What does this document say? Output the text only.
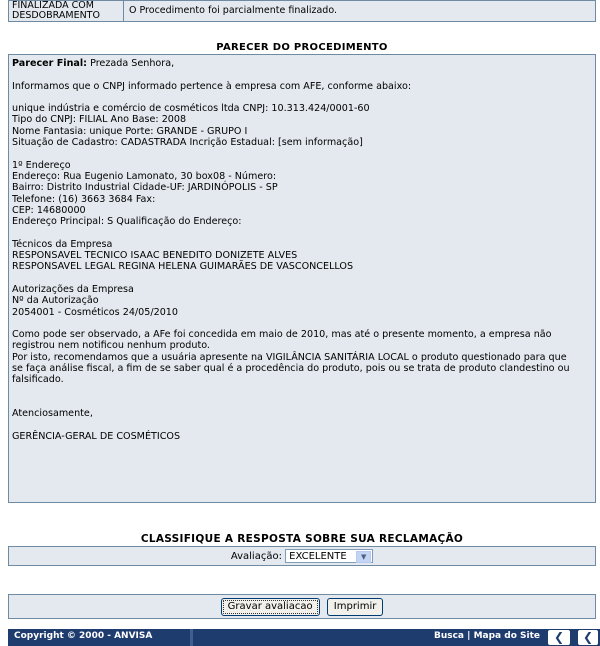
FINALIZADA COM DESDOBRAMENTO	O Procedimento foi parcialmente finalizado.
PARECER DO PROCEDIMENTO

Parecer Final: Prezada Senhora,

Informamos que o CNPJ informado pertence à empresa com AFE, conforme abaixo:

unique indústria e comércio de cosméticos ltda CNPJ: 10.313.424/0001-60
Tipo do CNPJ: FILIAL Ano Base: 2008
Nome Fantasia: unique Porte: GRANDE - GRUPO I
Situação de Cadastro: CADASTRADA Incrição Estadual: [sem informação]

1º Endereço
Endereço: Rua Eugenio Lamonato, 30 box08 - Número:
Bairro: Distrito Industrial Cidade-UF: JARDINÓPOLIS - SP
Telefone: (16) 3663 3684 Fax:
CEP: 14680000
Endereço Principal: S Qualificação do Endereço:

Técnicos da Empresa
RESPONSAVEL TECNICO ISAAC BENEDITO DONIZETE ALVES
RESPONSAVEL LEGAL REGINA HELENA GUIMARÃES DE VASCONCELLOS

Autorizações da Empresa
Nº da Autorização
2054001 - Cosméticos 24/05/2010

Como pode ser observado, a AFe foi concedida em maio de 2010, mas até o presente momento, a empresa não
registrou nem notificou nenhum produto.
Por isto, recomendamos que a usuária apresente na VIGILÂNCIA SANITÁRIA LOCAL o produto questionado para que
se faça análise fiscal, a fim de se saber qual é a procedência do produto, pois ou se trata de produto clandestino ou
falsificado.

Atenciosamente,

GERÊNCIA-GERAL DE COSMÉTICOS

CLASSIFIQUE A RESPOSTA SOBRE SUA RECLAMAÇÃO
Avaliação: EXCELENTE	▼
Gravar avaliacao Imprimir
Copyright © 2000 - ANVISA	Busca | Mapa do Site	❮	❮
